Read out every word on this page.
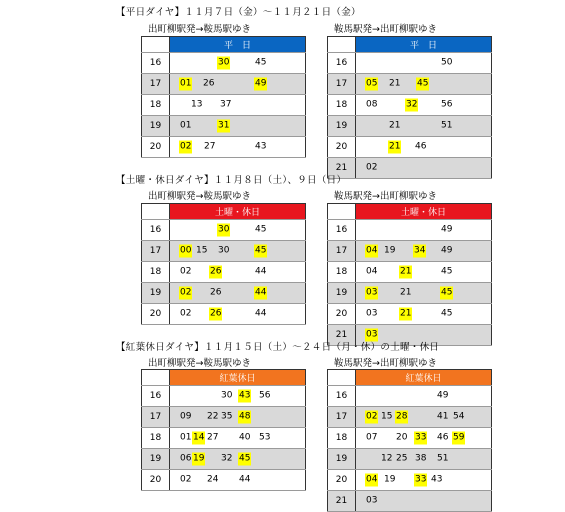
【平日ダイヤ】１１月７日（金）～１１月２１日（金）
出町柳駅発→鞍馬駅ゆき	鞍馬駅発→出町柳駅ゆき
	平　日
16	30 45

17	01 26 49

18	13 37

19	01 31

20	02 27 43
	平　日
16	50

17	05 21 45

18	08 32 56

19	21 51

20	21 46

21	02
【土曜・休日ダイヤ】１１月８日（土）、９日（日）
出町柳駅発→鞍馬駅ゆき	鞍馬駅発→出町柳駅ゆき
	土曜・休日
16	30 45

17	00 15 30 45

18	02 26 44

19	02 26 44

20	02 26 44
	土曜・休日
16	49

17	04 19 34 49

18	04 21 45

19	03 21 45

20	03 21 45

21	03
【紅葉休日ダイヤ】１１月１５日（土）～２４日（月・休）の土曜・休日
出町柳駅発→鞍馬駅ゆき	鞍馬駅発→出町柳駅ゆき
	紅葉休日
16	30 43 56

17	09 22 35 48

18	01 14 27 40 53

19	06 19 32 45

20	02 24 44
	紅葉休日
16	49

17	02 15 28 41 54

18	07 20 33 46 59

19	12 25 38 51

20	04 19 33 43

21	03
